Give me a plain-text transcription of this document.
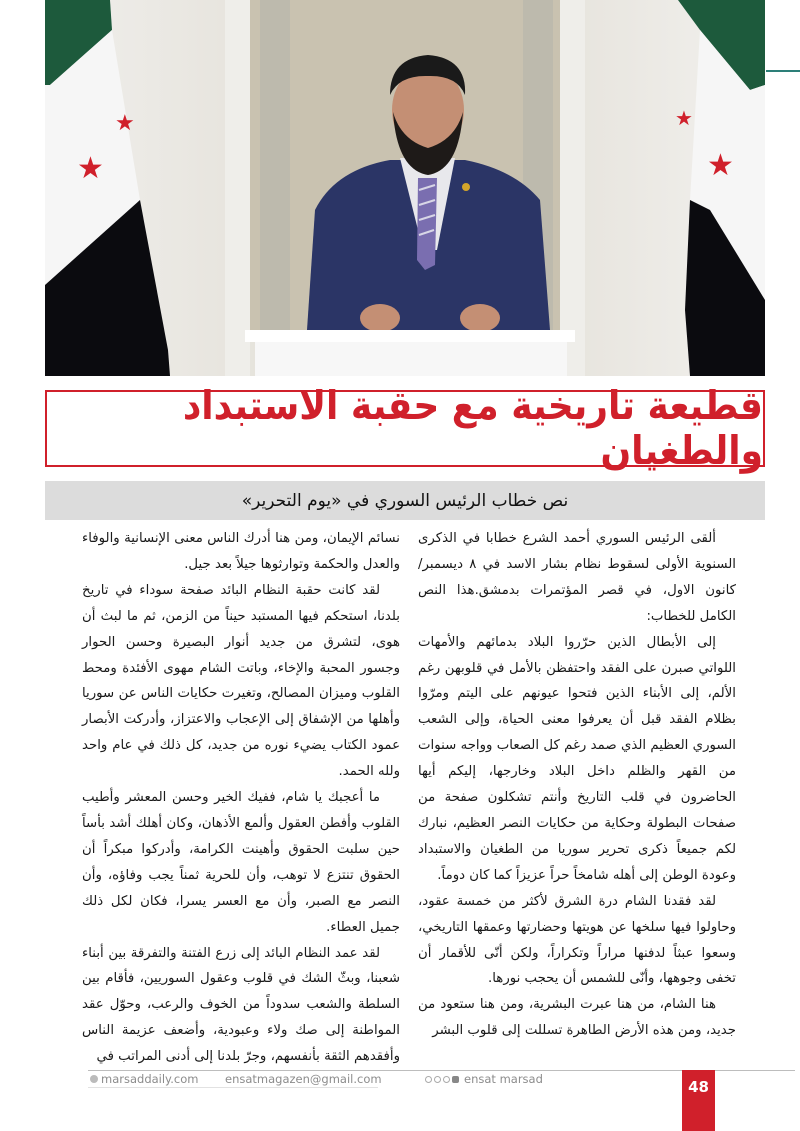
★
★
★
★
قطيعة تاريخية مع حقبة الاستبداد والطغيان
نص خطاب الرئيس السوري في «يوم التحرير»

ألقى الرئيس السوري أحمد الشرع خطابا في الذكرى السنوية الأولى لسقوط نظام بشار الاسد في ٨ ديسمبر/كانون الاول، في قصر المؤتمرات بدمشق.هذا النص الكامل للخطاب:

إلى الأبطال الذين حرّروا البلاد بدمائهم والأمهات اللواتي صبرن على الفقد واحتفظن بالأمل في قلوبهن رغم الألم، إلى الأبناء الذين فتحوا عيونهم على اليتم ومرّوا بظلام الفقد قبل أن يعرفوا معنى الحياة، وإلى الشعب السوري العظيم الذي صمد رغم كل الصعاب وواجه سنوات من القهر والظلم داخل البلاد وخارجها، إليكم أيها الحاضرون في قلب التاريخ وأنتم تشكلون صفحة من صفحات البطولة وحكاية من حكايات النصر العظيم، نبارك لكم جميعاً ذكرى تحرير سوريا من الطغيان والاستبداد وعودة الوطن إلى أهله شامخاً حراً عزيزاً كما كان دوماً.

لقد فقدنا الشام درة الشرق لأكثر من خمسة عقود، وحاولوا فيها سلخها عن هويتها وحضارتها وعمقها التاريخي، وسعوا عبثاً لدفنها مراراً وتكراراً، ولكن أنّى للأقمار أن تخفى وجوهها، وأنّى للشمس أن يحجب نورها.

هنا الشام، من هنا عبرت البشرية، ومن هنا ستعود من جديد، ومن هذه الأرض الطاهرة تسللت إلى قلوب البشر

نسائم الإيمان، ومن هنا أدرك الناس معنى الإنسانية والوفاء والعدل والحكمة وتوارثوها جيلاً بعد جيل.

لقد كانت حقبة النظام البائد صفحة سوداء في تاريخ بلدنا، استحكم فيها المستبد حيناً من الزمن، ثم ما لبث أن هوى، لتشرق من جديد أنوار البصيرة وحسن الحوار وجسور المحبة والإخاء، وباتت الشام مهوى الأفئدة ومحط القلوب وميزان المصالح، وتغيرت حكايات الناس عن سوريا وأهلها من الإشفاق إلى الإعجاب والاعتزاز، وأدركت الأبصار عمود الكتاب يضيء نوره من جديد، كل ذلك في عام واحد ولله الحمد.

ما أعجبك يا شام، ففيك الخير وحسن المعشر وأطيب القلوب وأفطن العقول وألمع الأذهان، وكان أهلك أشد بأساً حين سلبت الحقوق وأهينت الكرامة، وأدركوا مبكراً أن الحقوق تنتزع لا توهب، وأن للحرية ثمناً يجب وفاؤه، وأن النصر مع الصبر، وأن مع العسر يسرا، فكان لكل ذلك جميل العطاء.

لقد عمد النظام البائد إلى زرع الفتنة والتفرقة بين أبناء شعبنا، وبثّ الشك في قلوب وعقول السوريين، فأقام بين السلطة والشعب سدوداً من الخوف والرعب، وحوّل عقد المواطنة إلى صك ولاء وعبودية، وأضعف عزيمة الناس وأفقدهم الثقة بأنفسهم، وجرّ بلدنا إلى أدنى المراتب في

marsaddaily.com ensatmagazen@gmail.com	ensat marsad	48
